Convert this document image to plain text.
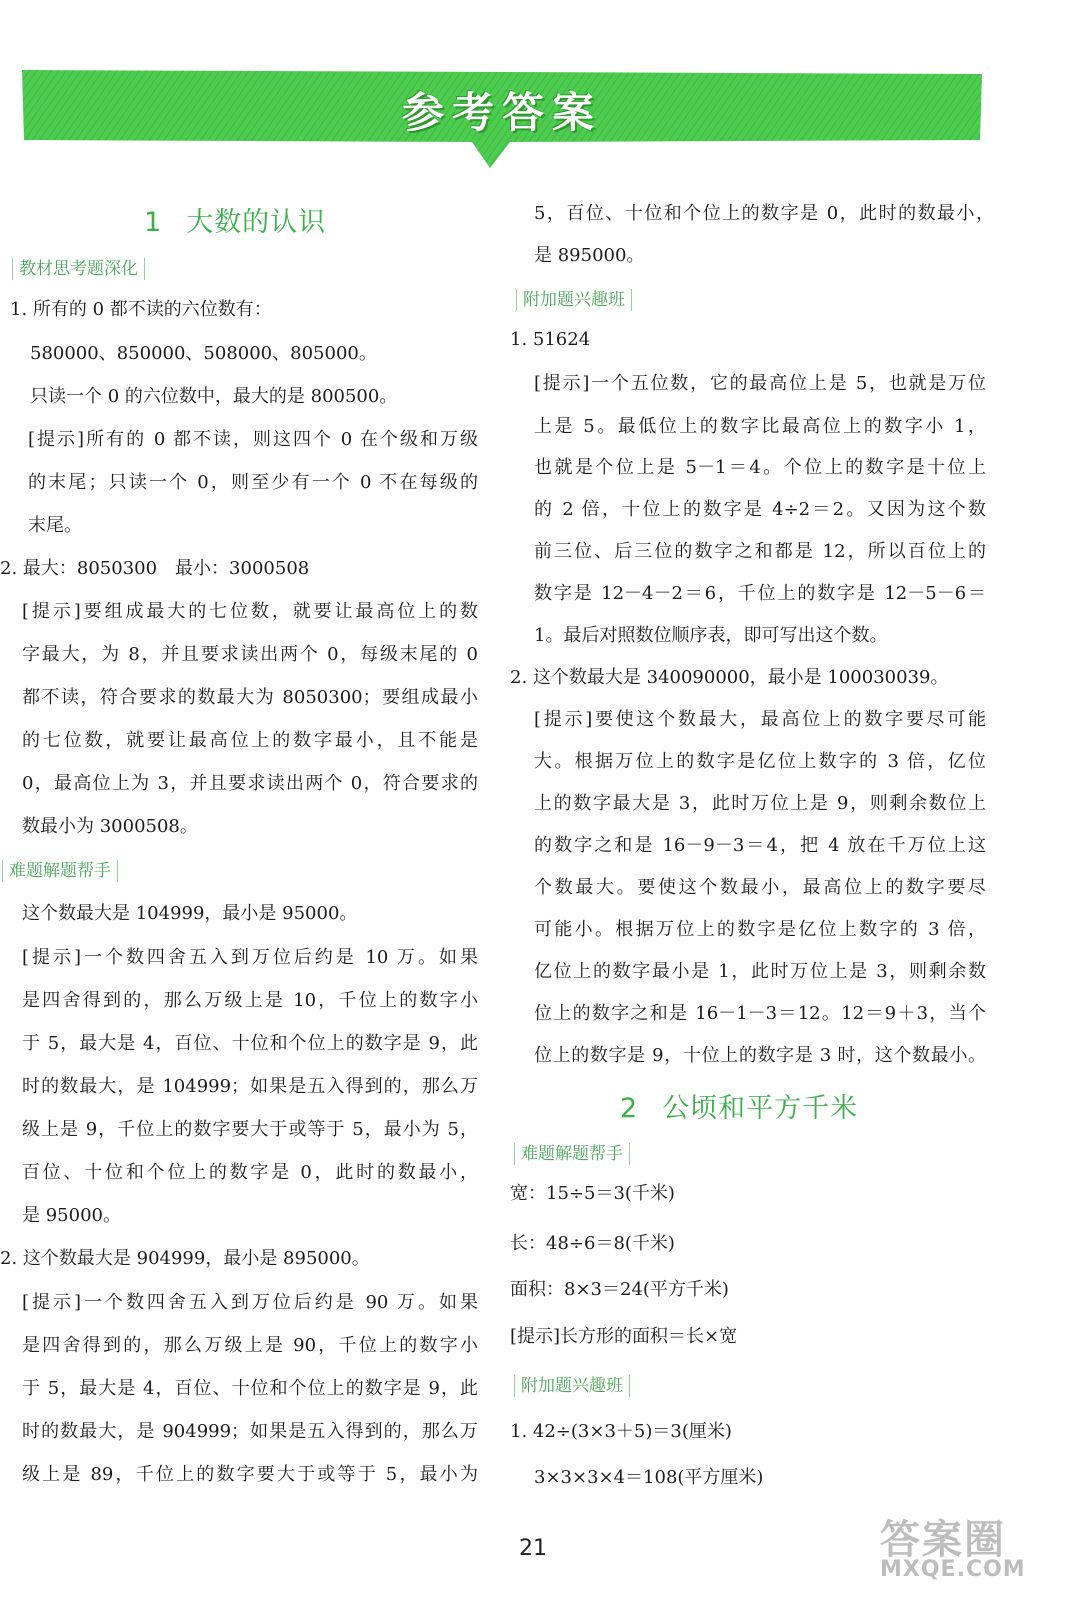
参考答案
1 大数的认识
教材思考题深化
1. 所有的 0 都不读的六位数有：
580000、850000、508000、805000。
只读一个 0 的六位数中，最大的是 800500。
[提示]所有的 0 都不读，则这四个 0 在个级和万级
的末尾；只读一个 0，则至少有一个 0 不在每级的
末尾。
2. 最大：8050300　最小：3000508
[提示]要组成最大的七位数，就要让最高位上的数
字最大，为 8，并且要求读出两个 0，每级末尾的 0
都不读，符合要求的数最大为 8050300；要组成最小
的七位数，就要让最高位上的数字最小，且不能是
0，最高位上为 3，并且要求读出两个 0，符合要求的
数最小为 3000508。
难题解题帮手
这个数最大是 104999，最小是 95000。
[提示]一个数四舍五入到万位后约是 10 万。如果
是四舍得到的，那么万级上是 10，千位上的数字小
于 5，最大是 4，百位、十位和个位上的数字是 9，此
时的数最大，是 104999；如果是五入得到的，那么万
级上是 9，千位上的数字要大于或等于 5，最小为 5，
百位、十位和个位上的数字是 0，此时的数最小，
是 95000。
2. 这个数最大是 904999，最小是 895000。
[提示]一个数四舍五入到万位后约是 90 万。如果
是四舍得到的，那么万级上是 90，千位上的数字小
于 5，最大是 4，百位、十位和个位上的数字是 9，此
时的数最大，是 904999；如果是五入得到的，那么万
级上是 89，千位上的数字要大于或等于 5，最小为
5，百位、十位和个位上的数字是 0，此时的数最小，
是 895000。
附加题兴趣班
1. 51624
[提示]一个五位数，它的最高位上是 5，也就是万位
上是 5。最低位上的数字比最高位上的数字小 1，
也就是个位上是 5－1＝4。个位上的数字是十位上
的 2 倍，十位上的数字是 4÷2＝2。又因为这个数
前三位、后三位的数字之和都是 12，所以百位上的
数字是 12－4－2＝6，千位上的数字是 12－5－6＝
1。最后对照数位顺序表，即可写出这个数。
2. 这个数最大是 340090000，最小是 100030039。
[提示]要使这个数最大，最高位上的数字要尽可能
大。根据万位上的数字是亿位上数字的 3 倍，亿位
上的数字最大是 3，此时万位上是 9，则剩余数位上
的数字之和是 16－9－3＝4，把 4 放在千万位上这
个数最大。要使这个数最小，最高位上的数字要尽
可能小。根据万位上的数字是亿位上数字的 3 倍，
亿位上的数字最小是 1，此时万位上是 3，则剩余数
位上的数字之和是 16－1－3＝12。12＝9＋3，当个
位上的数字是 9，十位上的数字是 3 时，这个数最小。
2 公顷和平方千米
难题解题帮手
宽：15÷5＝3(千米)
长：48÷6＝8(千米)
面积：8×3＝24(平方千米)
[提示]长方形的面积＝长×宽
附加题兴趣班
1. 42÷(3×3＋5)＝3(厘米)
3×3×3×4＝108(平方厘米)
21	答案圈
MXQE.COM
